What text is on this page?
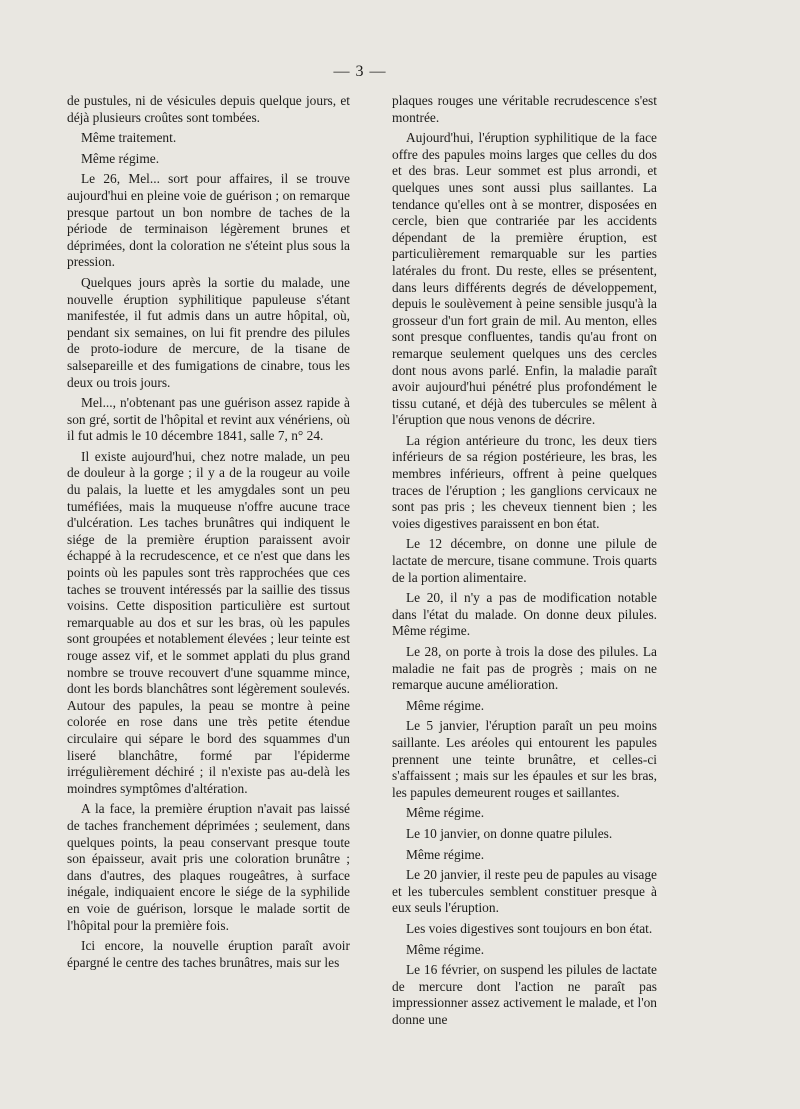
— 3 —

de pustules, ni de vésicules depuis quelque jours, et déjà plusieurs croûtes sont tombées.

Même traitement.

Même régime.

Le 26, Mel... sort pour affaires, il se trouve aujourd'hui en pleine voie de guérison ; on remarque presque partout un bon nombre de taches de la période de terminaison légèrement brunes et déprimées, dont la coloration ne s'éteint plus sous la pression.

Quelques jours après la sortie du malade, une nouvelle éruption syphilitique papuleuse s'étant manifestée, il fut admis dans un autre hôpital, où, pendant six semaines, on lui fit prendre des pilules de proto-iodure de mercure, de la tisane de salsepareille et des fumigations de cinabre, tous les deux ou trois jours.

Mel..., n'obtenant pas une guérison assez rapide à son gré, sortit de l'hôpital et revint aux vénériens, où il fut admis le 10 décembre 1841, salle 7, n° 24.

Il existe aujourd'hui, chez notre malade, un peu de douleur à la gorge ; il y a de la rougeur au voile du palais, la luette et les amygdales sont un peu tuméfiées, mais la muqueuse n'offre aucune trace d'ulcération. Les taches brunâtres qui indiquent le siége de la première éruption paraissent avoir échappé à la recrudescence, et ce n'est que dans les points où les papules sont très rapprochées que ces taches se trouvent intéressés par la saillie des tissus voisins. Cette disposition particulière est surtout remarquable au dos et sur les bras, où les papules sont groupées et notablement élevées ; leur teinte est rouge assez vif, et le sommet applati du plus grand nombre se trouve recouvert d'une squamme mince, dont les bords blanchâtres sont légèrement soulevés. Autour des papules, la peau se montre à peine colorée en rose dans une très petite étendue circulaire qui sépare le bord des squammes d'un liseré blanchâtre, formé par l'épiderme irrégulièrement déchiré ; il n'existe pas au-delà les moindres symptômes d'altération.

A la face, la première éruption n'avait pas laissé de taches franchement déprimées ; seulement, dans quelques points, la peau conservant presque toute son épaisseur, avait pris une coloration brunâtre ; dans d'autres, des plaques rougeâtres, à surface inégale, indiquaient encore le siége de la syphilide en voie de guérison, lorsque le malade sortit de l'hôpital pour la première fois.

Ici encore, la nouvelle éruption paraît avoir épargné le centre des taches brunâtres, mais sur les

plaques rouges une véritable recrudescence s'est montrée.

Aujourd'hui, l'éruption syphilitique de la face offre des papules moins larges que celles du dos et des bras. Leur sommet est plus arrondi, et quelques unes sont aussi plus saillantes. La tendance qu'elles ont à se montrer, disposées en cercle, bien que contrariée par les accidents dépendant de la première éruption, est particulièrement remarquable sur les parties latérales du front. Du reste, elles se présentent, dans leurs différents degrés de développement, depuis le soulèvement à peine sensible jusqu'à la grosseur d'un fort grain de mil. Au menton, elles sont presque confluentes, tandis qu'au front on remarque seulement quelques uns des cercles dont nous avons parlé. Enfin, la maladie paraît avoir aujourd'hui pénétré plus profondément le tissu cutané, et déjà des tubercules se mêlent à l'éruption que nous venons de décrire.

La région antérieure du tronc, les deux tiers inférieurs de sa région postérieure, les bras, les membres inférieurs, offrent à peine quelques traces de l'éruption ; les ganglions cervicaux ne sont pas pris ; les cheveux tiennent bien ; les voies digestives paraissent en bon état.

Le 12 décembre, on donne une pilule de lactate de mercure, tisane commune. Trois quarts de la portion alimentaire.

Le 20, il n'y a pas de modification notable dans l'état du malade. On donne deux pilules. Même régime.

Le 28, on porte à trois la dose des pilules. La maladie ne fait pas de progrès ; mais on ne remarque aucune amélioration.

Même régime.

Le 5 janvier, l'éruption paraît un peu moins saillante. Les aréoles qui entourent les papules prennent une teinte brunâtre, et celles-ci s'affaissent ; mais sur les épaules et sur les bras, les papules demeurent rouges et saillantes.

Même régime.

Le 10 janvier, on donne quatre pilules.

Même régime.

Le 20 janvier, il reste peu de papules au visage et les tubercules semblent constituer presque à eux seuls l'éruption.

Les voies digestives sont toujours en bon état.

Même régime.

Le 16 février, on suspend les pilules de lactate de mercure dont l'action ne paraît pas impressionner assez activement le malade, et l'on donne une
